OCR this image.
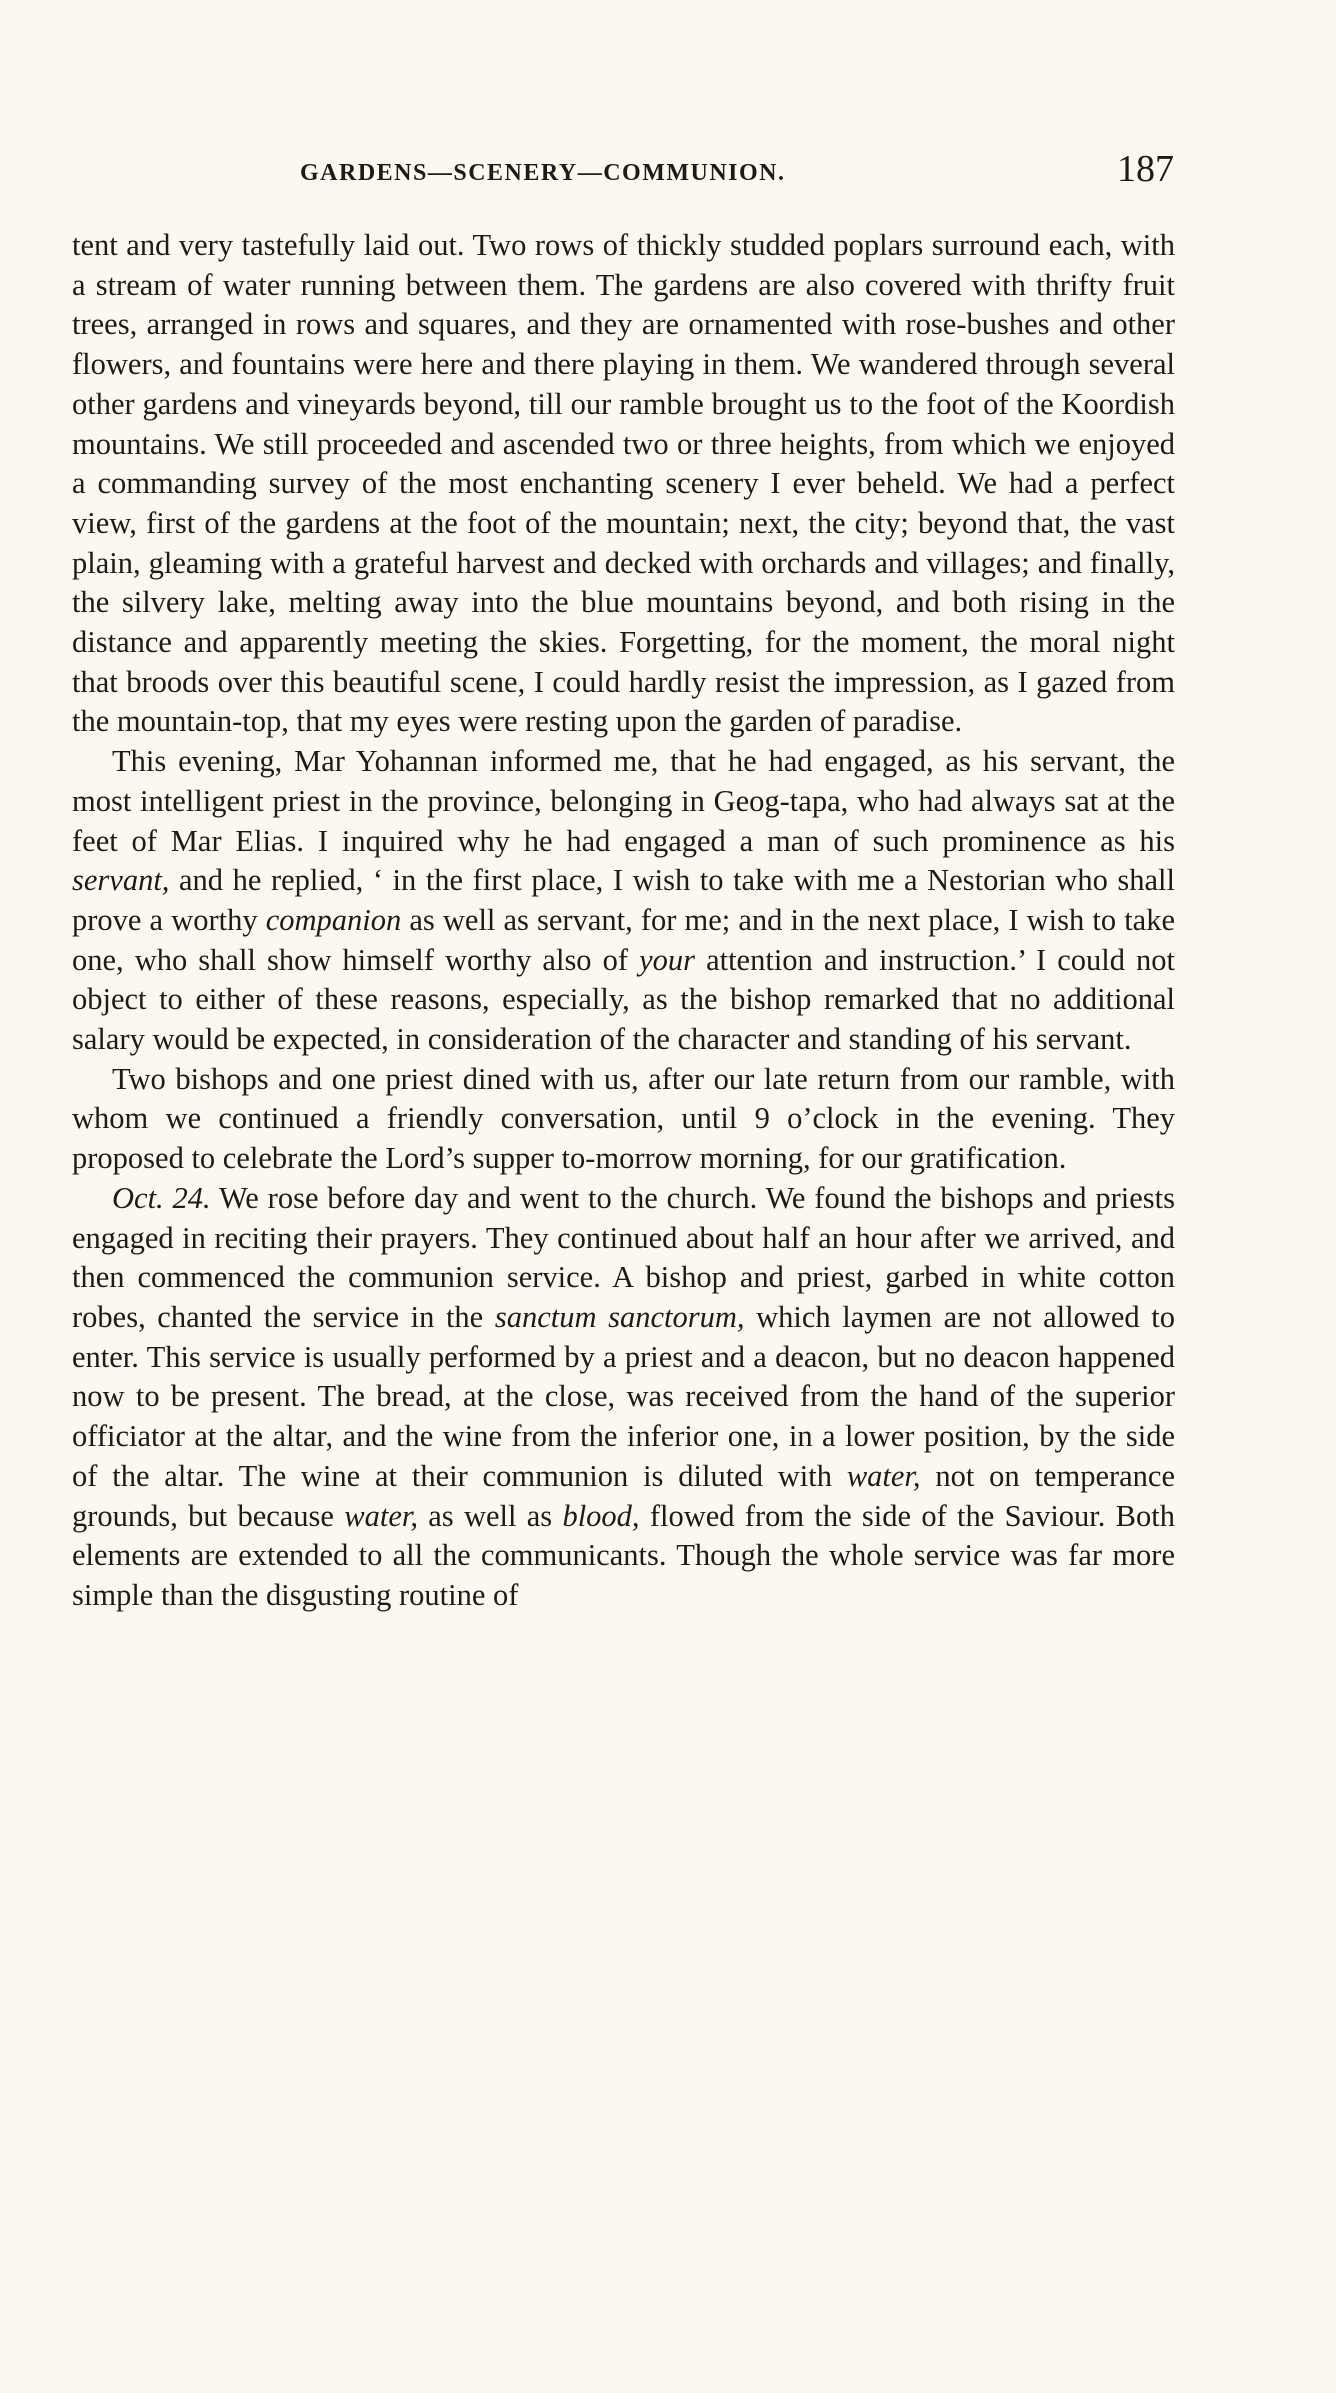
GARDENS—SCENERY—COMMUNION.	187

tent and very tastefully laid out. Two rows of thickly studded poplars surround each, with a stream of water running between them. The gardens are also covered with thrifty fruit trees, arranged in rows and squares, and they are ornamented with rose-bushes and other flowers, and fountains were here and there playing in them. We wandered through several other gardens and vineyards beyond, till our ramble brought us to the foot of the Koordish mountains. We still proceeded and ascended two or three heights, from which we enjoyed a commanding survey of the most enchanting scenery I ever beheld. We had a perfect view, first of the gardens at the foot of the mountain; next, the city; beyond that, the vast plain, gleaming with a grateful harvest and decked with orchards and villages; and finally, the silvery lake, melting away into the blue mountains beyond, and both rising in the distance and apparently meeting the skies. Forgetting, for the moment, the moral night that broods over this beautiful scene, I could hardly resist the impression, as I gazed from the mountain-top, that my eyes were resting upon the garden of paradise.

This evening, Mar Yohannan informed me, that he had engaged, as his servant, the most intelligent priest in the province, belonging in Geog-tapa, who had always sat at the feet of Mar Elias. I inquired why he had engaged a man of such prominence as his servant, and he replied, ‘ in the first place, I wish to take with me a Nestorian who shall prove a worthy companion as well as servant, for me; and in the next place, I wish to take one, who shall show himself worthy also of your attention and instruction.’ I could not object to either of these reasons, especially, as the bishop remarked that no additional salary would be expected, in consideration of the character and standing of his servant.

Two bishops and one priest dined with us, after our late return from our ramble, with whom we continued a friendly conversation, until 9 o’clock in the evening. They proposed to celebrate the Lord’s supper to-morrow morning, for our gratification.

Oct. 24. We rose before day and went to the church. We found the bishops and priests engaged in reciting their prayers. They continued about half an hour after we arrived, and then commenced the communion service. A bishop and priest, garbed in white cotton robes, chanted the service in the sanctum sanctorum, which laymen are not allowed to enter. This service is usually performed by a priest and a deacon, but no deacon happened now to be present. The bread, at the close, was received from the hand of the superior officiator at the altar, and the wine from the inferior one, in a lower position, by the side of the altar. The wine at their communion is diluted with water, not on temperance grounds, but because water, as well as blood, flowed from the side of the Saviour. Both elements are extended to all the communicants. Though the whole service was far more simple than the disgusting routine of
